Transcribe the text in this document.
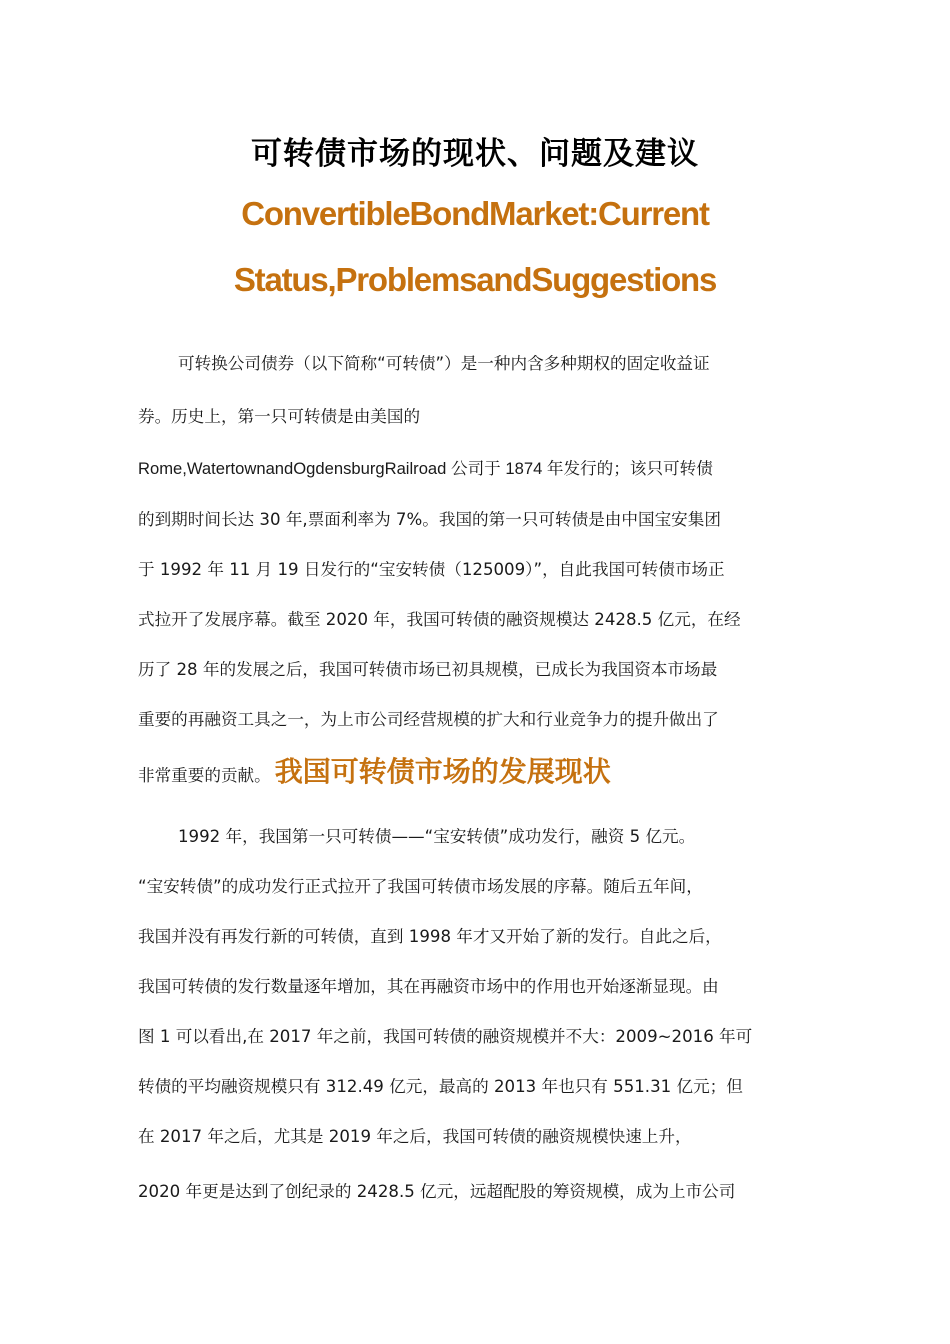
可转债市场的现状、问题及建议
ConvertibleBondMarket:Current
Status,ProblemsandSuggestions

可转换公司债券（以下简称“可转债”）是一种内含多种期权的固定收益证

券。历史上，第一只可转债是由美国的

Rome,WatertownandOgdensburgRailroad 公司于 1874 年发行的；该只可转债

的到期时间长达 30 年,票面利率为 7%。我国的第一只可转债是由中国宝安集团

于 1992 年 11 月 19 日发行的“宝安转债（125009）”，自此我国可转债市场正

式拉开了发展序幕。截至 2020 年，我国可转债的融资规模达 2428.5 亿元，在经

历了 28 年的发展之后，我国可转债市场已初具规模，已成长为我国资本市场最

重要的再融资工具之一，为上市公司经营规模的扩大和行业竞争力的提升做出了

非常重要的贡献。 我国可转债市场的发展现状

1992 年，我国第一只可转债——“宝安转债”成功发行，融资 5 亿元。

“宝安转债”的成功发行正式拉开了我国可转债市场发展的序幕。随后五年间，

我国并没有再发行新的可转债，直到 1998 年才又开始了新的发行。自此之后，

我国可转债的发行数量逐年增加，其在再融资市场中的作用也开始逐渐显现。由

图 1 可以看出,在 2017 年之前，我国可转债的融资规模并不大：2009~2016 年可

转债的平均融资规模只有 312.49 亿元，最高的 2013 年也只有 551.31 亿元；但

在 2017 年之后，尤其是 2019 年之后，我国可转债的融资规模快速上升，

2020 年更是达到了创纪录的 2428.5 亿元，远超配股的筹资规模，成为上市公司
